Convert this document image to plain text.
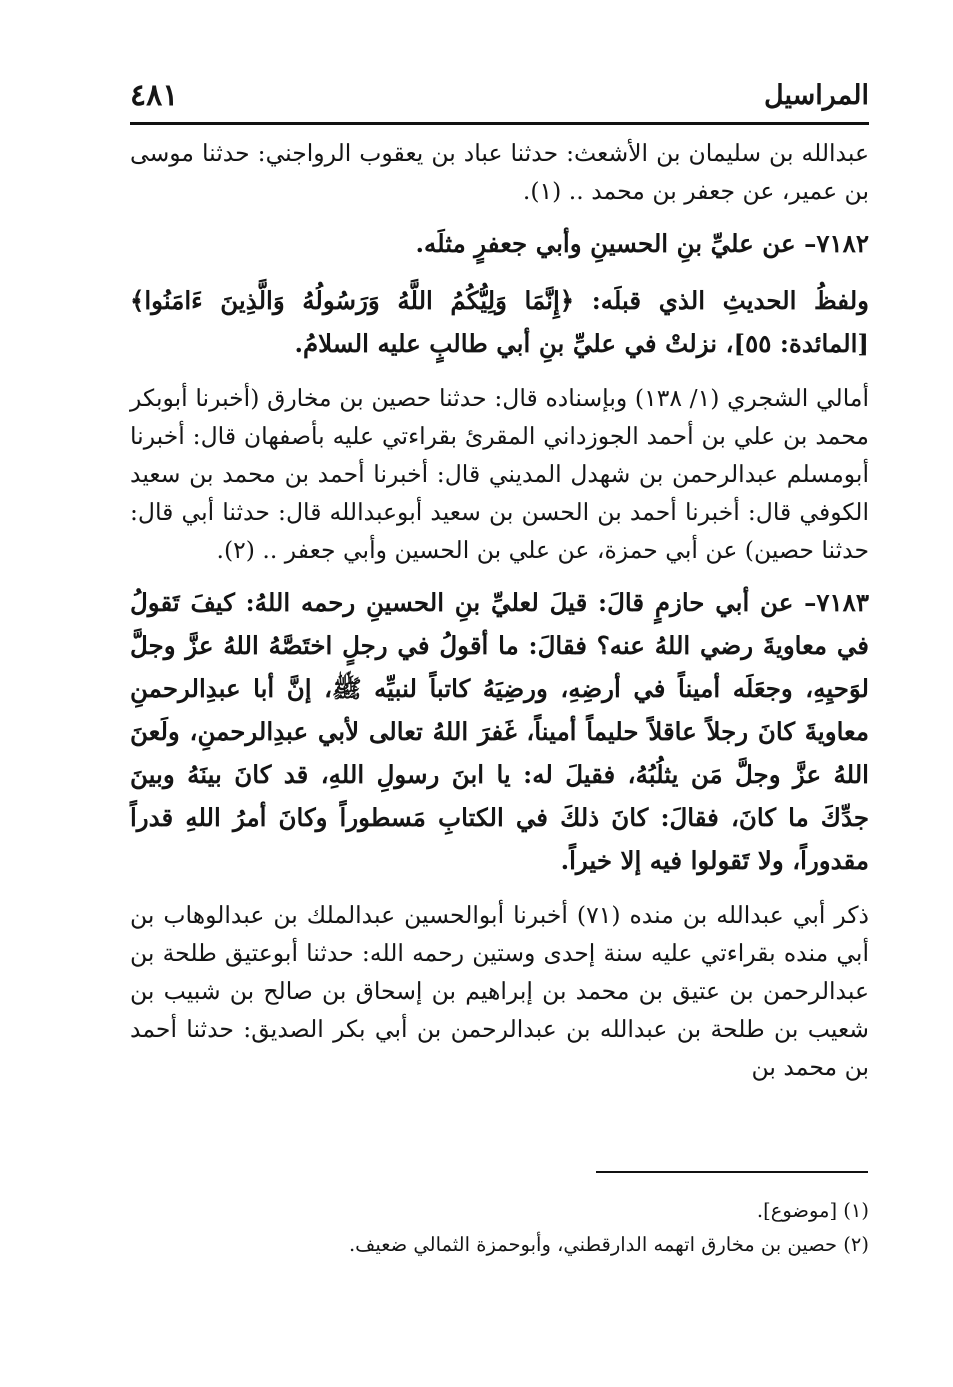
المراسيل
٤٨١

عبدالله بن سليمان بن الأشعث: حدثنا عباد بن يعقوب الرواجني: حدثنا موسى بن عمير، عن جعفر بن محمد .. (١).

٧١٨٢– عن عليِّ بنِ الحسينِ وأبي جعفرٍ مثلَه.

ولفظُ الحديثِ الذي قبلَه: ﴿إِنَّمَا وَلِيُّكُمُ اللَّهُ وَرَسُولُهُ وَالَّذِينَ ءَامَنُوا﴾ [المائدة: ٥٥]، نزلتْ في عليِّ بنِ أبي طالبٍ عليه السلامُ.

أمالي الشجري (١/ ١٣٨) وبإسناده قال: حدثنا حصين بن مخارق (أخبرنا أبوبكر محمد بن علي بن أحمد الجوزداني المقرئ بقراءتي عليه بأصفهان قال: أخبرنا أبومسلم عبدالرحمن بن شهدل المديني قال: أخبرنا أحمد بن محمد بن سعيد الكوفي قال: أخبرنا أحمد بن الحسن بن سعيد أبوعبدالله قال: حدثنا أبي قال: حدثنا حصين) عن أبي حمزة، عن علي بن الحسين وأبي جعفر .. (٢).

٧١٨٣– عن أبي حازمٍ قالَ: قيلَ لعليِّ بنِ الحسينِ رحمه اللهُ: كيفَ تَقولُ في معاويةَ رضي اللهُ عنه؟ فقالَ: ما أقولُ في رجلٍ اختَصَّهُ اللهُ عزَّ وجلَّ لوَحيِهِ، وجعَلَه أميناً في أرضِهِ، ورضِيَهُ كاتباً لنبيِّه ﷺ، إنَّ أبا عبدِالرحمنِ معاويةَ كانَ رجلاً عاقلاً حليماً أميناً، غَفرَ اللهُ تعالى لأبي عبدِالرحمنِ، ولَعنَ اللهُ عزَّ وجلَّ مَن يثلُبُهُ، فقيلَ له: يا ابنَ رسولِ اللهِ، قد كانَ بينَهُ وبينَ جدِّكَ ما كانَ، فقالَ: كانَ ذلكَ في الكتابِ مَسطوراً وكانَ أمرُ اللهِ قدراً مقدوراً، ولا تَقولوا فيه إلا خيراً.

ذكر أبي عبدالله بن منده (٧١) أخبرنا أبوالحسين عبدالملك بن عبدالوهاب بن أبي منده بقراءتي عليه سنة إحدى وستين رحمه الله: حدثنا أبوعتيق طلحة بن عبدالرحمن بن عتيق بن محمد بن إبراهيم بن إسحاق بن صالح بن شبيب بن شعيب بن طلحة بن عبدالله بن عبدالرحمن بن أبي بكر الصديق: حدثنا أحمد بن محمد بن

(١) [موضوع].

(٢) حصين بن مخارق اتهمه الدارقطني، وأبوحمزة الثمالي ضعيف.
